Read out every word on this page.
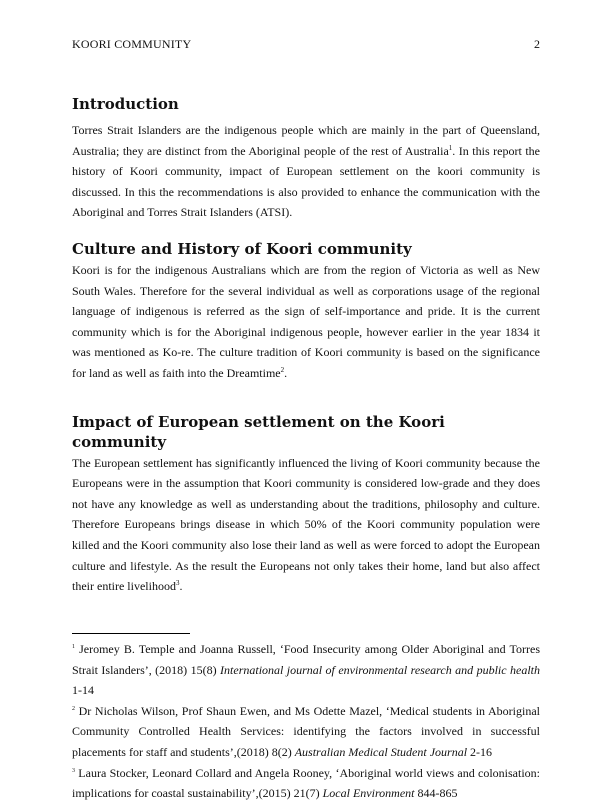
KOORI COMMUNITY	2
Introduction

Torres Strait Islanders are the indigenous people which are mainly in the part of Queensland, Australia; they are distinct from the Aboriginal people of the rest of Australia$^1$. In this report the history of Koori community, impact of European settlement on the koori community is discussed. In this the recommendations is also provided to enhance the communication with the Aboriginal and Torres Strait Islanders (ATSI).

Culture and History of Koori community

Koori is for the indigenous Australians which are from the region of Victoria as well as New South Wales. Therefore for the several individual as well as corporations usage of the regional language of indigenous is referred as the sign of self-importance and pride. It is the current community which is for the Aboriginal indigenous people, however earlier in the year 1834 it was mentioned as Ko-re. The culture tradition of Koori community is based on the significance for land as well as faith into the Dreamtime$^2$.

Impact of European settlement on the Koori community

The European settlement has significantly influenced the living of Koori community because the Europeans were in the assumption that Koori community is considered low-grade and they does not have any knowledge as well as understanding about the traditions, philosophy and culture. Therefore Europeans brings disease in which 50% of the Koori community population were killed and the Koori community also lose their land as well as were forced to adopt the European culture and lifestyle. As the result the Europeans not only takes their home, land but also affect their entire livelihood$^3$.

$^1$ Jeromey B. Temple and Joanna Russell, ‘Food Insecurity among Older Aboriginal and Torres Strait Islanders’, (2018) 15(8) International journal of environmental research and public health 1-14

$^2$ Dr Nicholas Wilson, Prof Shaun Ewen, and Ms Odette Mazel, ‘Medical students in Aboriginal Community Controlled Health Services: identifying the factors involved in successful placements for staff and students’,(2018) 8(2) Australian Medical Student Journal 2-16

$^3$ Laura Stocker, Leonard Collard and Angela Rooney, ‘Aboriginal world views and colonisation: implications for coastal sustainability’,(2015) 21(7) Local Environment 844-865
